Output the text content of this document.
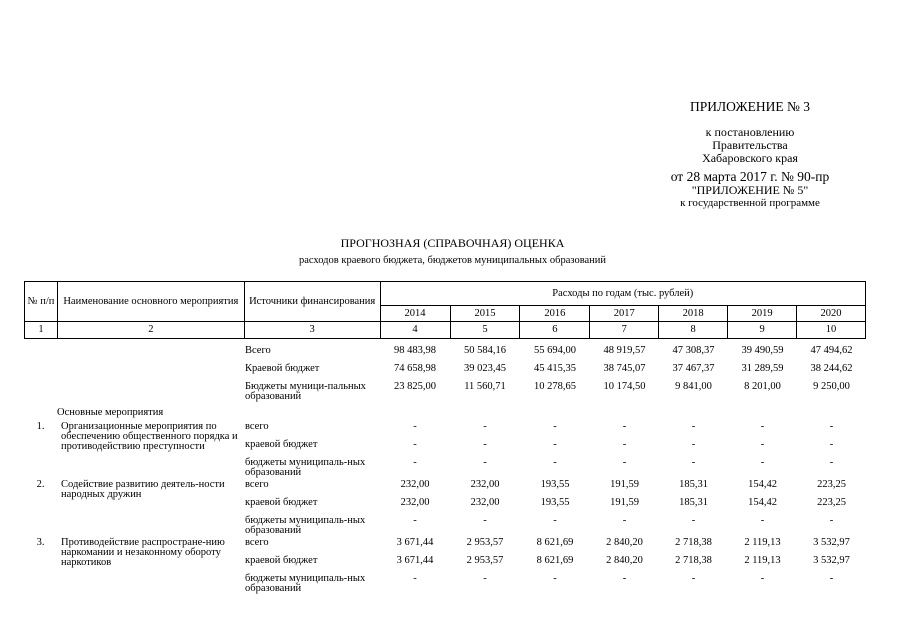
ПРИЛОЖЕНИЕ № 3
к постановлению
Правительства
Хабаровского края
от 28 марта 2017 г. № 90-пр
"ПРИЛОЖЕНИЕ № 5"
к государственной программе
ПРОГНОЗНАЯ (СПРАВОЧНАЯ) ОЦЕНКА
расходов краевого бюджета, бюджетов муниципальных образований
№ п/п	Наименование основного мероприятия	Источники финансирования	Расходы по годам (тыс. рублей)						
			2014	2015	2016	2017	2018	2019	2020
1	2	3	4	5	6	7	8	9	10
		Всего	98 483,98	50 584,16	55 694,00	48 919,57	47 308,37	39 490,59	47 494,62
		Краевой бюджет	74 658,98	39 023,45	45 415,35	38 745,07	37 467,37	31 289,59	38 244,62
		Бюджеты муници-пальных образований	23 825,00	11 560,71	10 278,65	10 174,50	9 841,00	8 201,00	9 250,00
Основные мероприятия									
1.	Организационные мероприятия по обеспечению общественного порядка и противодействию преступности	всего	-	-	-	-	-	-	-
		краевой бюджет	-	-	-	-	-	-	-
		бюджеты муниципаль-ных образований	-	-	-	-	-	-	-
2.	Содействие развитию деятель-ности народных дружин	всего	232,00	232,00	193,55	191,59	185,31	154,42	223,25
		краевой бюджет	232,00	232,00	193,55	191,59	185,31	154,42	223,25
		бюджеты муниципаль-ных образований	-	-	-	-	-	-	-
3.	Противодействие распростране-нию наркомании и незаконному обороту наркотиков	всего	3 671,44	2 953,57	8 621,69	2 840,20	2 718,38	2 119,13	3 532,97
		краевой бюджет	3 671,44	2 953,57	8 621,69	2 840,20	2 718,38	2 119,13	3 532,97
		бюджеты муниципаль-ных образований	-	-	-	-	-	-	-
